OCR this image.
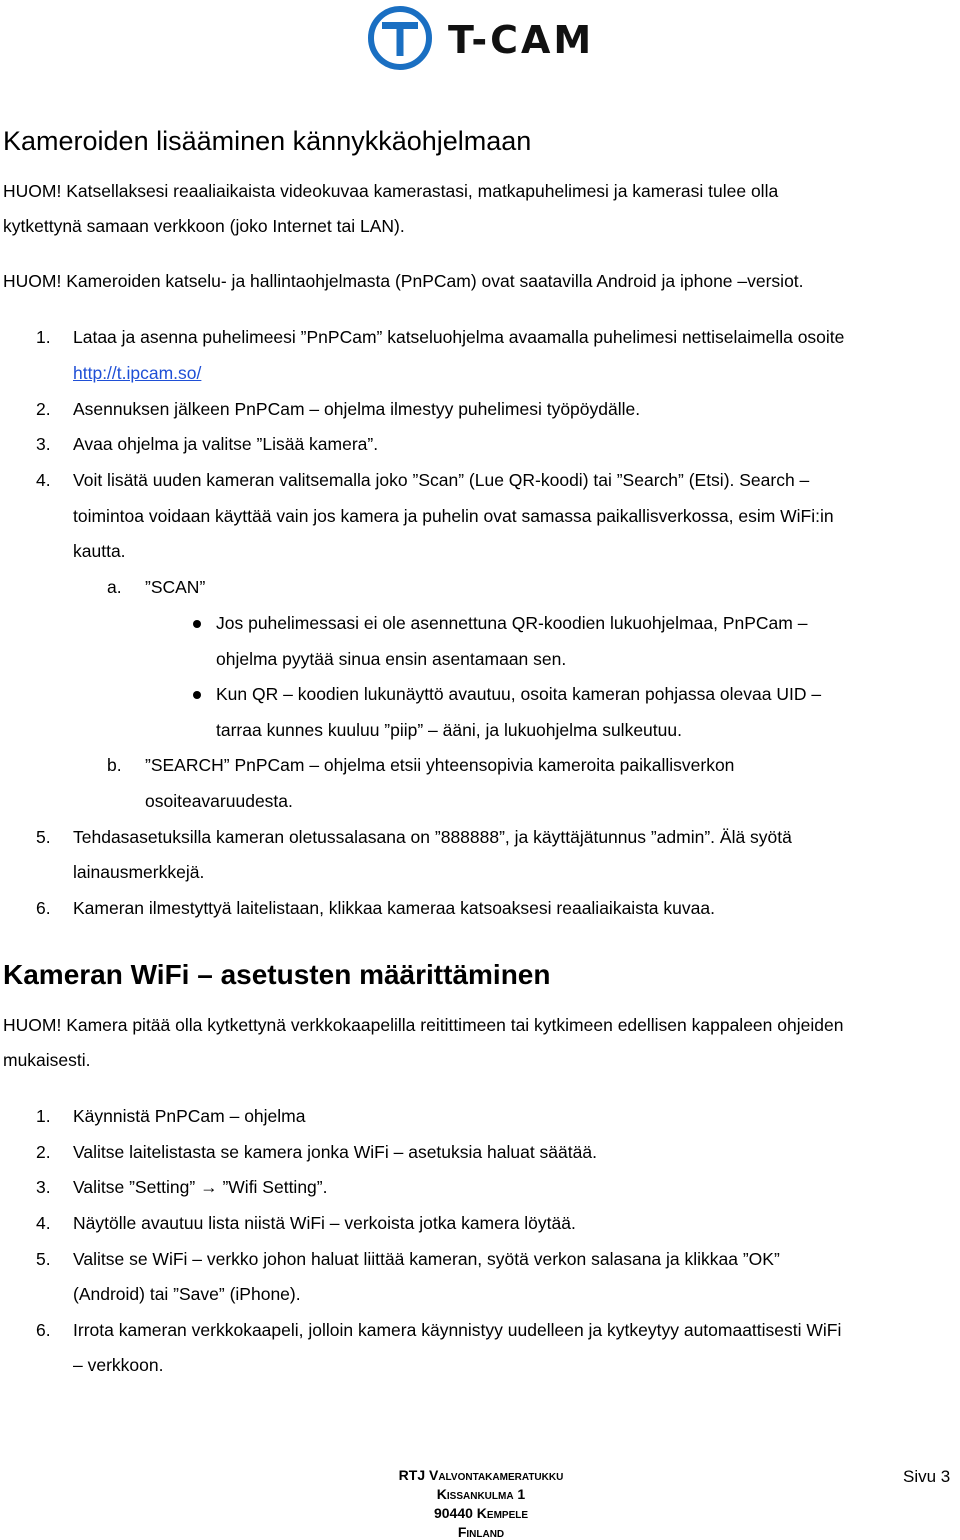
T-CAM
Kameroiden lisääminen kännykkäohjelmaan
HUOM! Katsellaksesi reaaliaikaista videokuvaa kamerastasi, matkapuhelimesi ja kamerasi tulee olla
kytkettynä samaan verkkoon (joko Internet tai LAN).
HUOM! Kameroiden katselu- ja hallintaohjelmasta (PnPCam) ovat saatavilla Android ja iphone –versiot.
1. Lataa ja asenna puhelimeesi ”PnPCam” katseluohjelma avaamalla puhelimesi nettiselaimella osoite
http://t.ipcam.so/
2. Asennuksen jälkeen PnPCam – ohjelma ilmestyy puhelimesi työpöydälle.
3. Avaa ohjelma ja valitse ”Lisää kamera”.
4. Voit lisätä uuden kameran valitsemalla joko ”Scan” (Lue QR-koodi) tai ”Search” (Etsi). Search –
toimintoa voidaan käyttää vain jos kamera ja puhelin ovat samassa paikallisverkossa, esim WiFi:in
kautta.
a. ”SCAN”
Jos puhelimessasi ei ole asennettuna QR-koodien lukuohjelmaa, PnPCam –
ohjelma pyytää sinua ensin asentamaan sen.
Kun QR – koodien lukunäyttö avautuu, osoita kameran pohjassa olevaa UID –
tarraa kunnes kuuluu ”piip” – ääni, ja lukuohjelma sulkeutuu.
b. ”SEARCH” PnPCam – ohjelma etsii yhteensopivia kameroita paikallisverkon
osoiteavaruudesta.
5. Tehdasasetuksilla kameran oletussalasana on ”888888”, ja käyttäjätunnus ”admin”. Älä syötä
lainausmerkkejä.
6. Kameran ilmestyttyä laitelistaan, klikkaa kameraa katsoaksesi reaaliaikaista kuvaa.
Kameran WiFi – asetusten määrittäminen
HUOM! Kamera pitää olla kytkettynä verkkokaapelilla reitittimeen tai kytkimeen edellisen kappaleen ohjeiden
mukaisesti.
1. Käynnistä PnPCam – ohjelma
2. Valitse laitelistasta se kamera jonka WiFi – asetuksia haluat säätää.
3. Valitse ”Setting” → ”Wifi Setting”.
4. Näytölle avautuu lista niistä WiFi – verkoista jotka kamera löytää.
5. Valitse se WiFi – verkko johon haluat liittää kameran, syötä verkon salasana ja klikkaa ”OK”
(Android) tai ”Save” (iPhone).
6. Irrota kameran verkkokaapeli, jolloin kamera käynnistyy uudelleen ja kytkeytyy automaattisesti WiFi
– verkkoon.
RTJ Valvontakameratukku
Kissankulma 1
90440 Kempele
Finland
Sivu 3
